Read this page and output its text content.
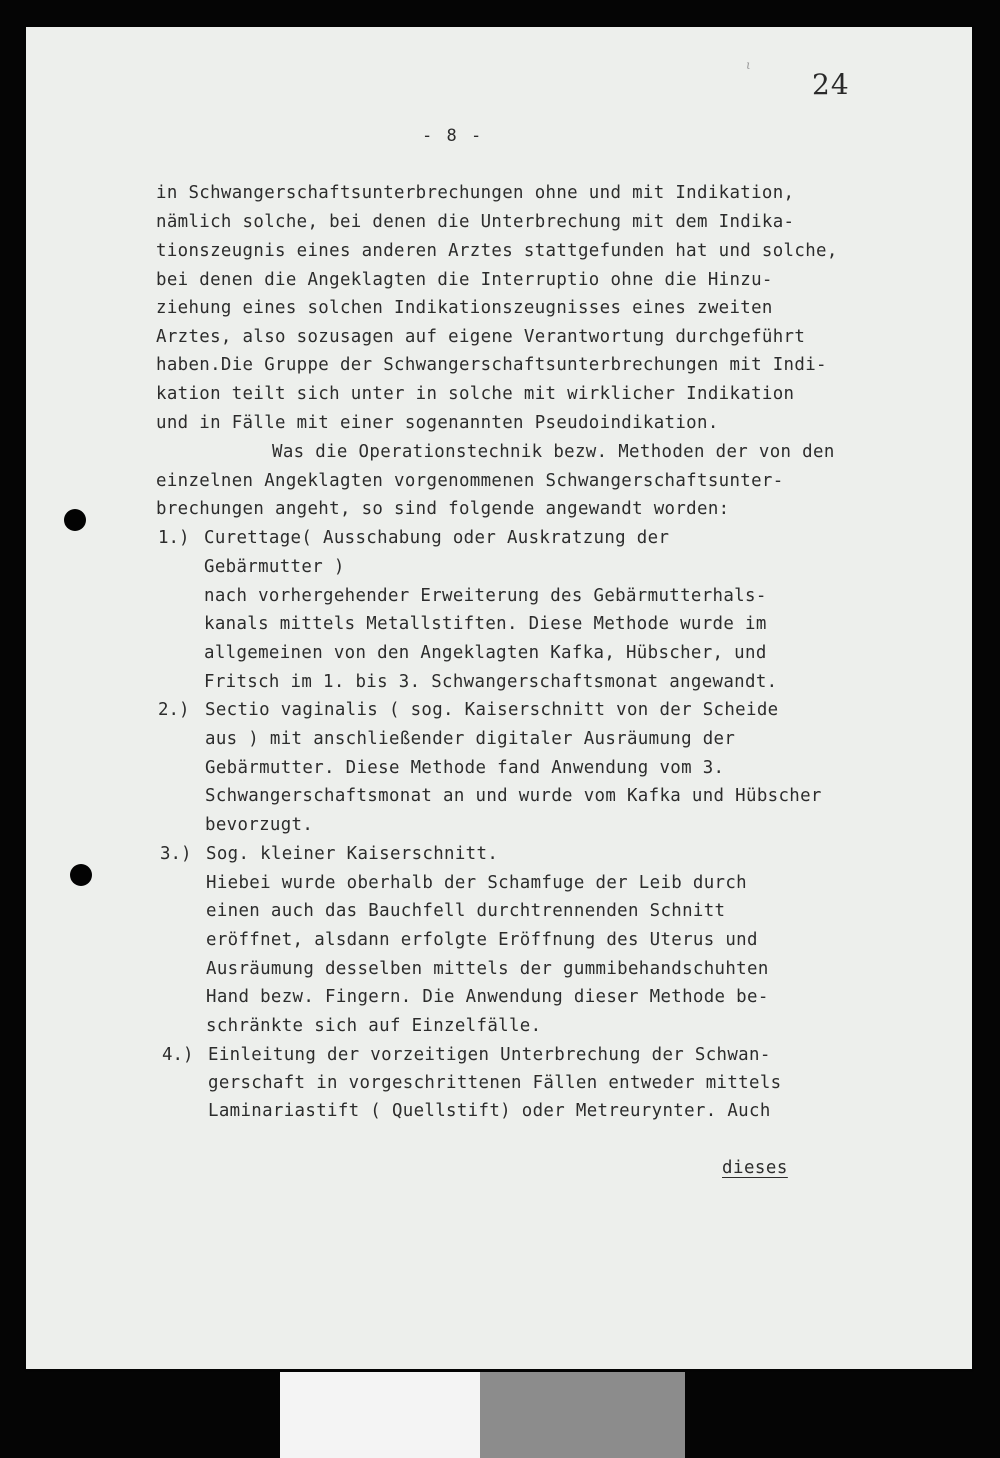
ι
24
- 8 -
in Schwangerschaftsunterbrechungen ohne und mit Indikation,
nämlich solche, bei denen die Unterbrechung mit dem Indika-
tionszeugnis eines anderen Arztes stattgefunden hat und solche,
bei denen die Angeklagten die Interruptio ohne die Hinzu-
ziehung eines solchen Indikationszeugnisses eines zweiten
Arztes, also sozusagen auf eigene Verantwortung durchgeführt
haben.Die Gruppe der Schwangerschaftsunterbrechungen mit Indi-
kation teilt sich unter in solche mit wirklicher Indikation
und in Fälle mit einer sogenannten Pseudoindikation.
Was die Operationstechnik bezw. Methoden der von den
einzelnen Angeklagten vorgenommenen Schwangerschaftsunter-
brechungen angeht, so sind folgende angewandt worden:
1.) Curettage( Ausschabung oder Auskratzung der
Gebärmutter )
nach vorhergehender Erweiterung des Gebärmutterhals-
kanals mittels Metallstiften. Diese Methode wurde im
allgemeinen von den Angeklagten Kafka, Hübscher, und
Fritsch im 1. bis 3. Schwangerschaftsmonat angewandt.
2.) Sectio vaginalis ( sog. Kaiserschnitt von der Scheide
aus ) mit anschließender digitaler Ausräumung der
Gebärmutter. Diese Methode fand Anwendung vom 3.
Schwangerschaftsmonat an und wurde vom Kafka und Hübscher
bevorzugt.
3.) Sog. kleiner Kaiserschnitt.
Hiebei wurde oberhalb der Schamfuge der Leib durch
einen auch das Bauchfell durchtrennenden Schnitt
eröffnet, alsdann erfolgte Eröffnung des Uterus und
Ausräumung desselben mittels der gummibehandschuhten
Hand bezw. Fingern. Die Anwendung dieser Methode be-
schränkte sich auf Einzelfälle.
4.) Einleitung der vorzeitigen Unterbrechung der Schwan-
gerschaft in vorgeschrittenen Fällen entweder mittels
Laminariastift ( Quellstift) oder Metreurynter. Auch
dieses
